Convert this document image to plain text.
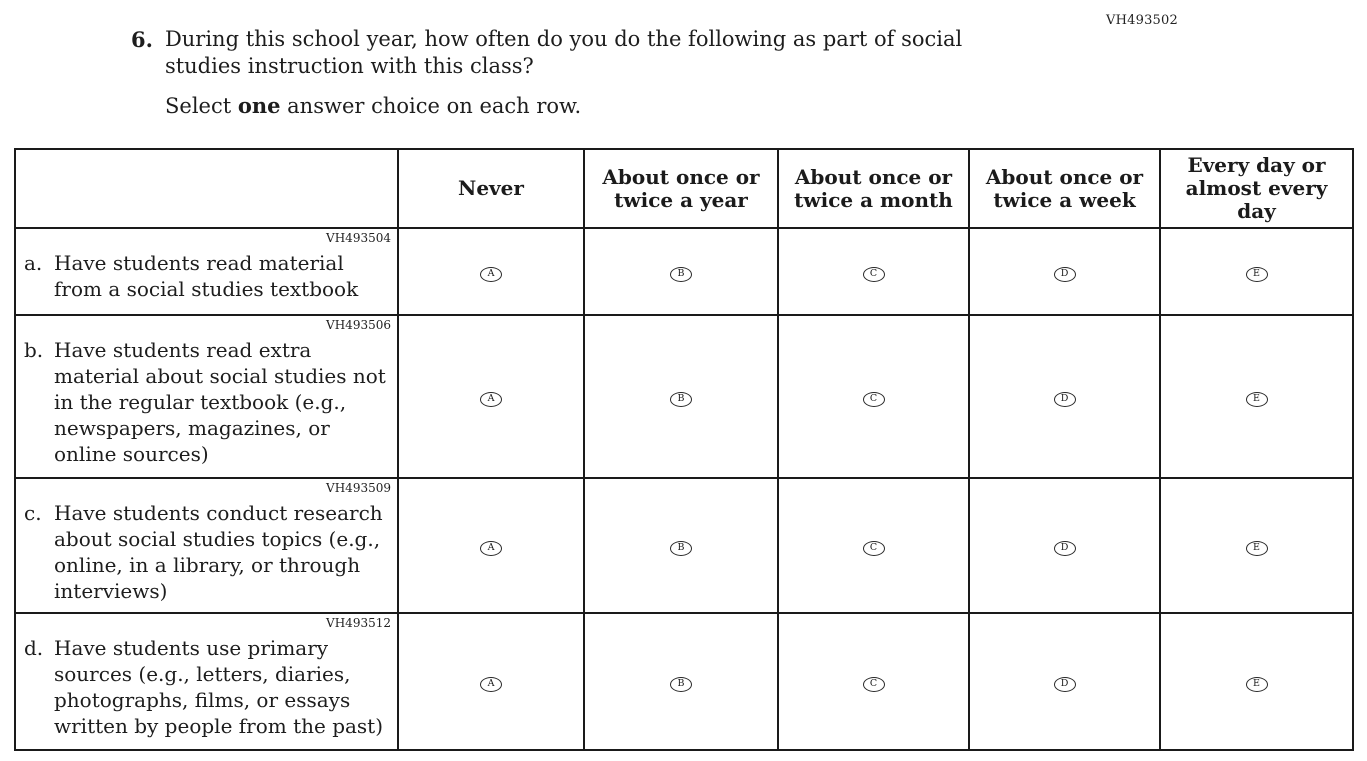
VH493502
6. During this school year, how often do you do the following as part of social studies instruction with this class?
Select one answer choice on each row.
	Never	About once or twice a year	About once or twice a month	About once or twice a week	Every day or almost every day

VH493504
a. Have students read material from a social studies textbook	A	B	C	D	E

VH493506
b. Have students read extra material about social studies not in the regular textbook (e.g., newspapers, magazines, or online sources)	A	B	C	D	E

VH493509
c. Have students conduct research about social studies topics (e.g., online, in a library, or through interviews)	A	B	C	D	E

VH493512
d. Have students use primary sources (e.g., letters, diaries, photographs, films, or essays written by people from the past)	A	B	C	D	E
